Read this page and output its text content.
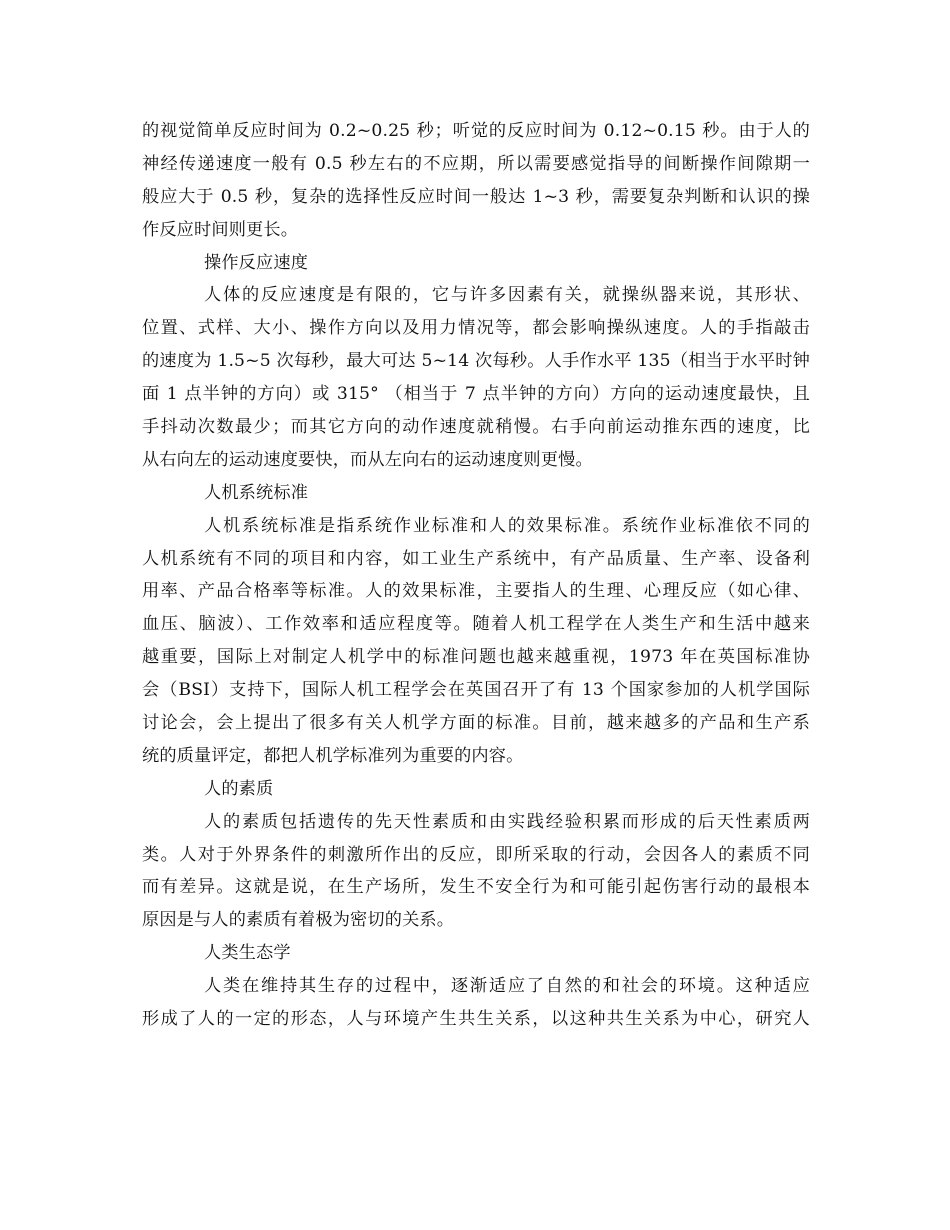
的视觉简单反应时间为 0.2~0.25 秒；听觉的反应时间为 0.12~0.15 秒。由于人的
神经传递速度一般有 0.5 秒左右的不应期，所以需要感觉指导的间断操作间隙期一
般应大于 0.5 秒，复杂的选择性反应时间一般达 1~3 秒，需要复杂判断和认识的操
作反应时间则更长。
操作反应速度
人体的反应速度是有限的，它与许多因素有关，就操纵器来说，其形状、
位置、式样、大小、操作方向以及用力情况等，都会影响操纵速度。人的手指敲击
的速度为 1.5~5 次每秒，最大可达 5~14 次每秒。人手作水平 135（相当于水平时钟
面 1 点半钟的方向）或 315° （相当于 7 点半钟的方向）方向的运动速度最快，且
手抖动次数最少；而其它方向的动作速度就稍慢。右手向前运动推东西的速度，比
从右向左的运动速度要快，而从左向右的运动速度则更慢。
人机系统标准
人机系统标准是指系统作业标准和人的效果标准。系统作业标准依不同的
人机系统有不同的项目和内容，如工业生产系统中，有产品质量、生产率、设备利
用率、产品合格率等标准。人的效果标准，主要指人的生理、心理反应（如心律、
血压、脑波）、工作效率和适应程度等。随着人机工程学在人类生产和生活中越来
越重要，国际上对制定人机学中的标准问题也越来越重视，1973 年在英国标准协
会（BSI）支持下，国际人机工程学会在英国召开了有 13 个国家参加的人机学国际
讨论会，会上提出了很多有关人机学方面的标准。目前，越来越多的产品和生产系
统的质量评定，都把人机学标准列为重要的内容。
人的素质
人的素质包括遗传的先天性素质和由实践经验积累而形成的后天性素质两
类。人对于外界条件的刺激所作出的反应，即所采取的行动，会因各人的素质不同
而有差异。这就是说，在生产场所，发生不安全行为和可能引起伤害行动的最根本
原因是与人的素质有着极为密切的关系。
人类生态学
人类在维持其生存的过程中，逐渐适应了自然的和社会的环境。这种适应
形成了人的一定的形态，人与环境产生共生关系，以这种共生关系为中心，研究人
